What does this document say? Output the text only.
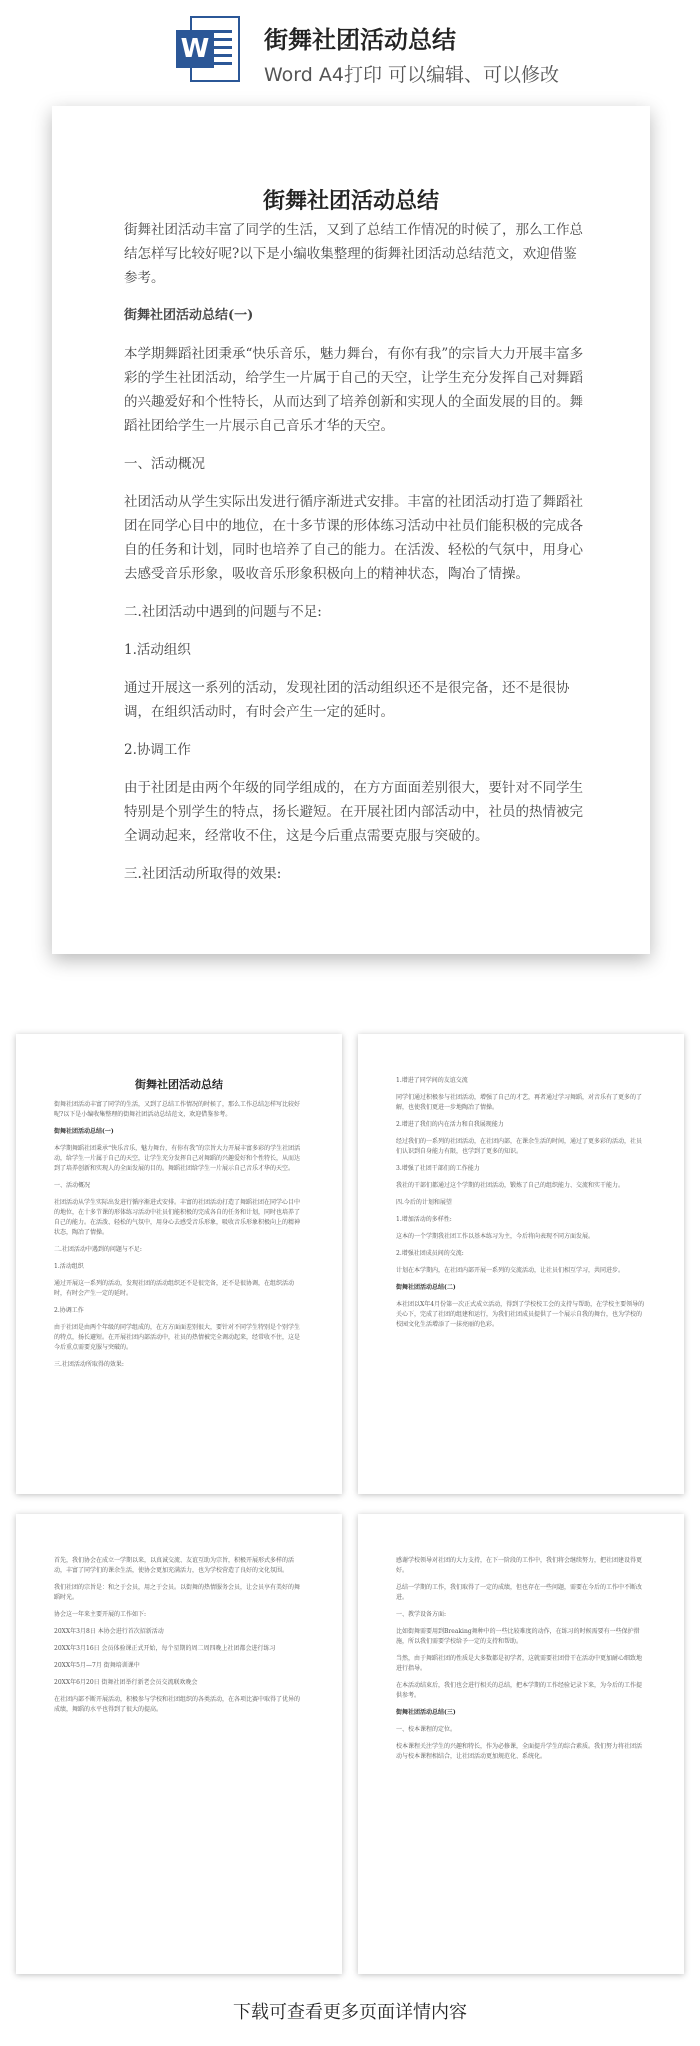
W 街舞社团活动总结
Word A4打印 可以编辑、可以修改
街舞社团活动总结

街舞社团活动丰富了同学的生活，又到了总结工作情况的时候了，那么工作总结怎样写比较好呢?以下是小编收集整理的街舞社团活动总结范文，欢迎借鉴参考。

街舞社团活动总结(一)

本学期舞蹈社团秉承“快乐音乐，魅力舞台，有你有我”的宗旨大力开展丰富多彩的学生社团活动，给学生一片属于自己的天空，让学生充分发挥自己对舞蹈的兴趣爱好和个性特长，从而达到了培养创新和实现人的全面发展的目的。舞蹈社团给学生一片展示自己音乐才华的天空。

一、活动概况

社团活动从学生实际出发进行循序渐进式安排。丰富的社团活动打造了舞蹈社团在同学心目中的地位，在十多节课的形体练习活动中社员们能积极的完成各自的任务和计划，同时也培养了自己的能力。在活泼、轻松的气氛中，用身心去感受音乐形象，吸收音乐形象积极向上的精神状态，陶冶了情操。

二.社团活动中遇到的问题与不足:

1.活动组织

通过开展这一系列的活动，发现社团的活动组织还不是很完备，还不是很协调，在组织活动时，有时会产生一定的延时。

2.协调工作

由于社团是由两个年级的同学组成的，在方方面面差别很大，要针对不同学生特别是个别学生的特点，扬长避短。在开展社团内部活动中，社员的热情被完全调动起来，经常收不住，这是今后重点需要克服与突破的。

三.社团活动所取得的效果:

街舞社团活动总结

街舞社团活动丰富了同学的生活，又到了总结工作情况的时候了，那么工作总结怎样写比较好呢?以下是小编收集整理的街舞社团活动总结范文，欢迎借鉴参考。

街舞社团活动总结(一)

本学期舞蹈社团秉承“快乐音乐，魅力舞台，有你有我”的宗旨大力开展丰富多彩的学生社团活动，给学生一片属于自己的天空，让学生充分发挥自己对舞蹈的兴趣爱好和个性特长，从而达到了培养创新和实现人的全面发展的目的。舞蹈社团给学生一片展示自己音乐才华的天空。

一、活动概况

社团活动从学生实际出发进行循序渐进式安排。丰富的社团活动打造了舞蹈社团在同学心目中的地位，在十多节课的形体练习活动中社员们能积极的完成各自的任务和计划，同时也培养了自己的能力。在活泼、轻松的气氛中，用身心去感受音乐形象，吸收音乐形象积极向上的精神状态，陶冶了情操。

二.社团活动中遇到的问题与不足:

1.活动组织

通过开展这一系列的活动，发现社团的活动组织还不是很完备，还不是很协调，在组织活动时，有时会产生一定的延时。

2.协调工作

由于社团是由两个年级的同学组成的，在方方面面差别很大，要针对不同学生特别是个别学生的特点，扬长避短。在开展社团内部活动中，社员的热情被完全调动起来，经常收不住，这是今后重点需要克服与突破的。

三.社团活动所取得的效果:

1.增进了同学间的友谊交流

同学们通过积极参与社团活动，增强了自己的才艺，再者通过学习舞蹈，对音乐有了更多的了解，也使我们更进一步地陶冶了情操。

2.增进了我们的内在活力和自我展现能力

经过我们的一系列的社团活动，在社团内部，在课余生活的时间，通过了更多彩的活动，社员们认识到自身能力有限，也学到了更多的知识。

3.增强了社团干部们的工作能力

我社的干部们都通过这个学期的社团活动，锻炼了自己的组织能力、交流和实干能力。

四.今后的计划和展望

1.增加活动的多样性:

这本的一个学期我社团工作以基本练习为主，今后将向表现不同方面发展。

2.增强社团成员间的交流:

计划在本学期内，在社团内部开展一系列的交流活动，让社员们相互学习，共同进步。

街舞社团活动总结(二)

本社团以X年4月份第一次正式成立活动，得到了学校校工会的支持与帮助，在学校主要领导的关心下，完成了社团的组建和运行，为我们社团成员提供了一个展示自我的舞台，也为学校的校园文化生活增添了一抹亮丽的色彩。

首先，我们协会在成立一学期以来，以真诚交流、友谊互助为宗旨，积极开展形式多样的活动，丰富了同学们的课余生活，使协会更加充满活力，也为学校营造了良好的文化氛围。

我们社团的宗旨是：和之于会员，用之于会员。以街舞的热情服务会员，让会员享有美好的舞蹈时光。

协会这一年来主要开展的工作如下:

20XX年3月8日 本协会进行首次招新活动

20XX年3月16日 会员体验课正式开始，每个星期的周二周四晚上社团都会进行练习

20XX年5月—7月 街舞培训课中

20XX年6月20日 街舞社团举行新老会员交流联欢晚会

在社团内部不断开展活动，积极参与学校和社团组织的各类活动，在各项比赛中取得了优异的成绩，舞蹈的水平也得到了很大的提高。

感谢学校领导对社团的大力支持，在下一阶段的工作中，我们将会继续努力，把社团建设得更好。

总结一学期的工作，我们取得了一定的成绩，但也存在一些问题，需要在今后的工作中不断改进。

一、教学设备方面:

比如街舞需要用到Breaking舞种中的一些比较难度的动作，在练习的时候需要有一些保护措施，所以我们需要学校给予一定的支持和帮助。

当然，由于舞蹈社团的性质是大多数都是初学者，这就需要社团骨干在活动中更加耐心细致地进行指导。

在本活动结束后，我们也会进行相关的总结，把本学期的工作经验记录下来，为今后的工作提供参考。

街舞社团活动总结(三)

一、校本课程的定位。

校本课程关注学生的兴趣和特长，作为必修课，全面提升学生的综合素质。我们努力将社团活动与校本课程相结合，让社团活动更加规范化、系统化。

下载可查看更多页面详情内容
